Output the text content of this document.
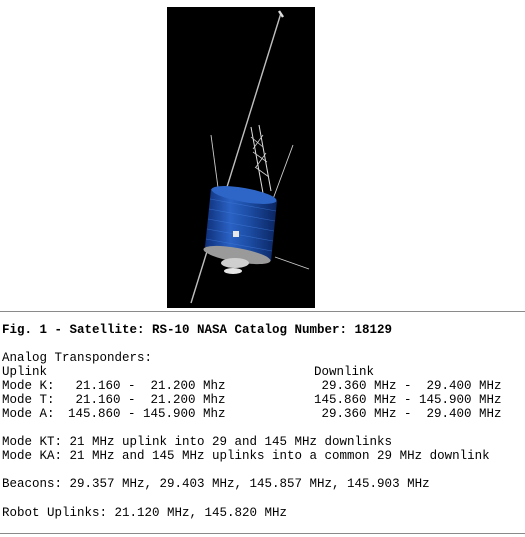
Fig. 1 - Satellite: RS-10 NASA Catalog Number: 18129
Analog Transponders:
Uplink	Downlink
Mode K: 21.160 -  21.200 Mhz	29.360 MHz -  29.400 MHz
Mode T: 21.160 -  21.200 Mhz	145.860 MHz - 145.900 MHz
Mode A: 145.860 - 145.900 Mhz	29.360 MHz -  29.400 MHz
Mode KT: 21 MHz uplink into 29 and 145 MHz downlinks
Mode KA: 21 MHz and 145 MHz uplinks into a common 29 MHz downlink
Beacons: 29.357 MHz, 29.403 MHz, 145.857 MHz, 145.903 MHz
Robot Uplinks: 21.120 MHz, 145.820 MHz
